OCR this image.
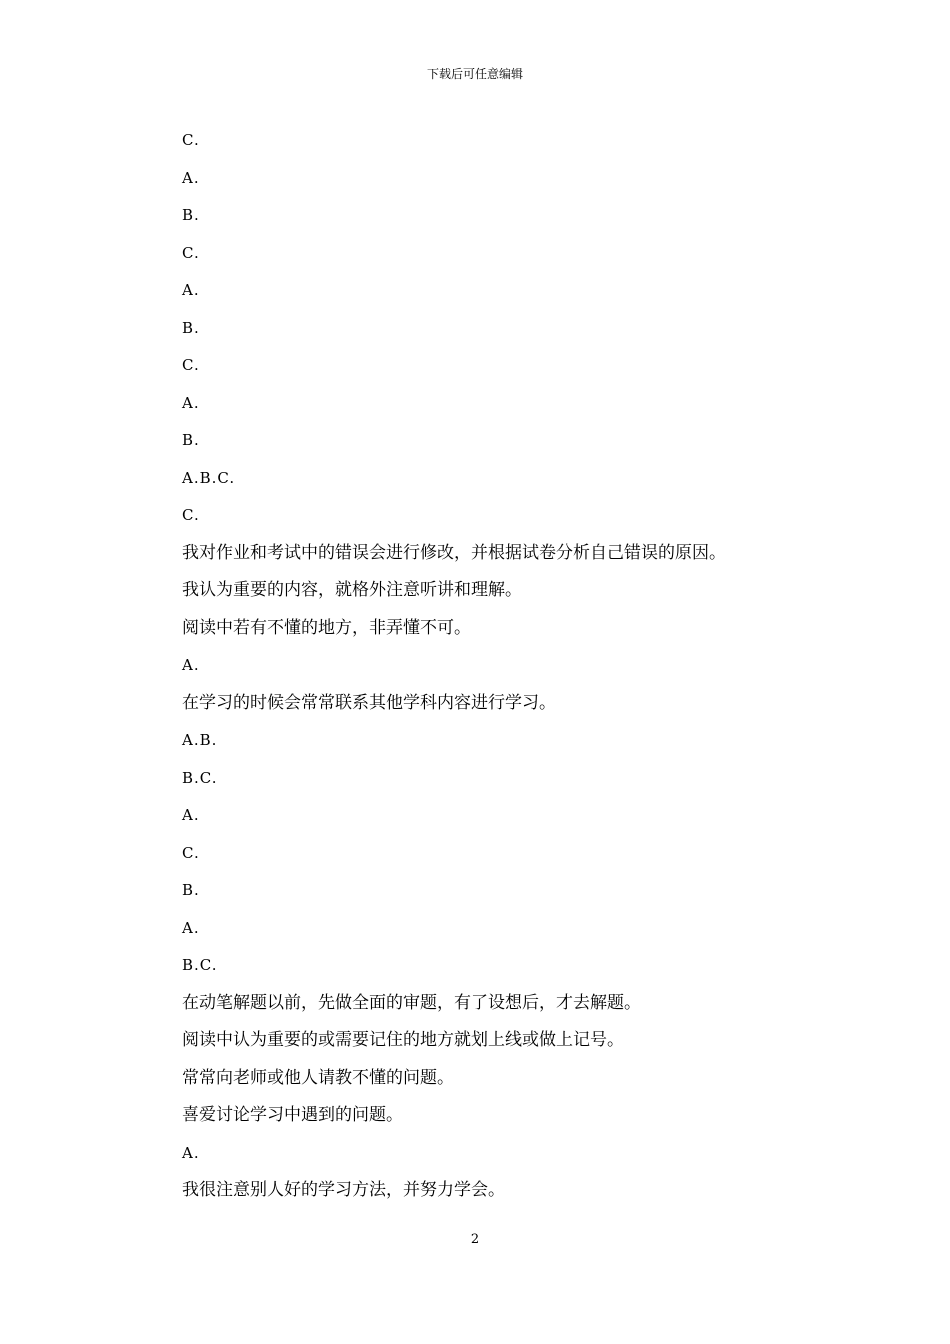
下载后可任意编辑
C.
A.
B.
C.
A.
B.
C.
A.
B.
A.B.C.
C.
我对作业和考试中的错误会进行修改，并根据试卷分析自己错误的原因。
我认为重要的内容，就格外注意听讲和理解。
阅读中若有不懂的地方，非弄懂不可。
A.
在学习的时候会常常联系其他学科内容进行学习。
A.B.
B.C.
A.
C.
B.
A.
B.C.
在动笔解题以前，先做全面的审题，有了设想后，才去解题。
阅读中认为重要的或需要记住的地方就划上线或做上记号。
常常向老师或他人请教不懂的问题。
喜爱讨论学习中遇到的问题。
A.
我很注意别人好的学习方法，并努力学会。
2
